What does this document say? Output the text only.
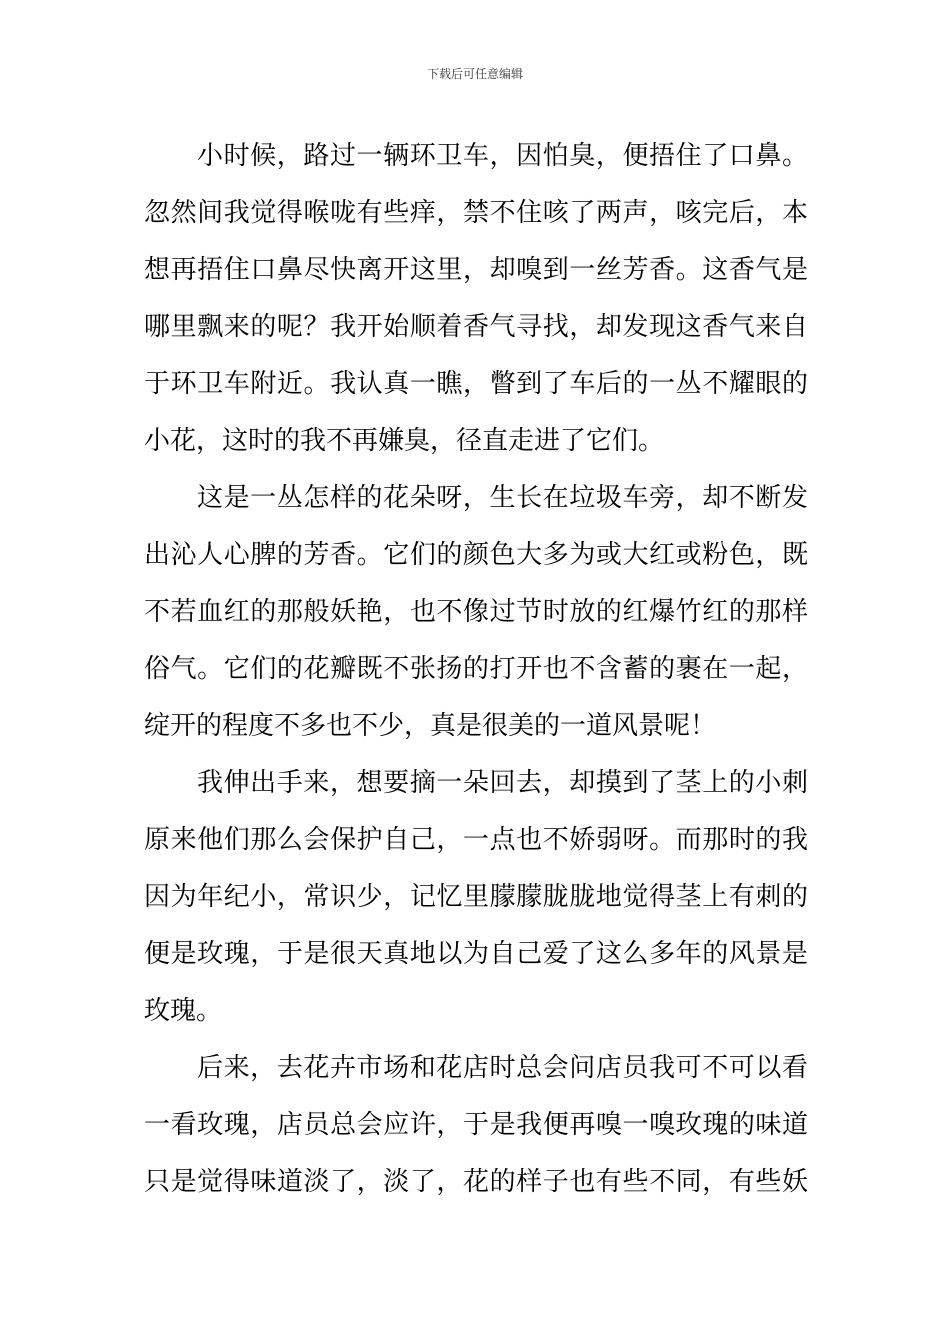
下载后可任意编辑
小时候，路过一辆环卫车，因怕臭，便捂住了口鼻。
忽然间我觉得喉咙有些痒，禁不住咳了两声，咳完后，本
想再捂住口鼻尽快离开这里，却嗅到一丝芳香。这香气是
哪里飘来的呢？我开始顺着香气寻找，却发现这香气来自
于环卫车附近。我认真一瞧，瞥到了车后的一丛不耀眼的
小花，这时的我不再嫌臭，径直走进了它们。
这是一丛怎样的花朵呀，生长在垃圾车旁，却不断发
出沁人心脾的芳香。它们的颜色大多为或大红或粉色，既
不若血红的那般妖艳，也不像过节时放的红爆竹红的那样
俗气。它们的花瓣既不张扬的打开也不含蓄的裹在一起，
绽开的程度不多也不少，真是很美的一道风景呢！
我伸出手来，想要摘一朵回去，却摸到了茎上的小刺
原来他们那么会保护自己，一点也不娇弱呀。而那时的我
因为年纪小，常识少，记忆里朦朦胧胧地觉得茎上有刺的
便是玫瑰，于是很天真地以为自己爱了这么多年的风景是
玫瑰。
后来，去花卉市场和花店时总会问店员我可不可以看
一看玫瑰，店员总会应许，于是我便再嗅一嗅玫瑰的味道
只是觉得味道淡了，淡了，花的样子也有些不同，有些妖
